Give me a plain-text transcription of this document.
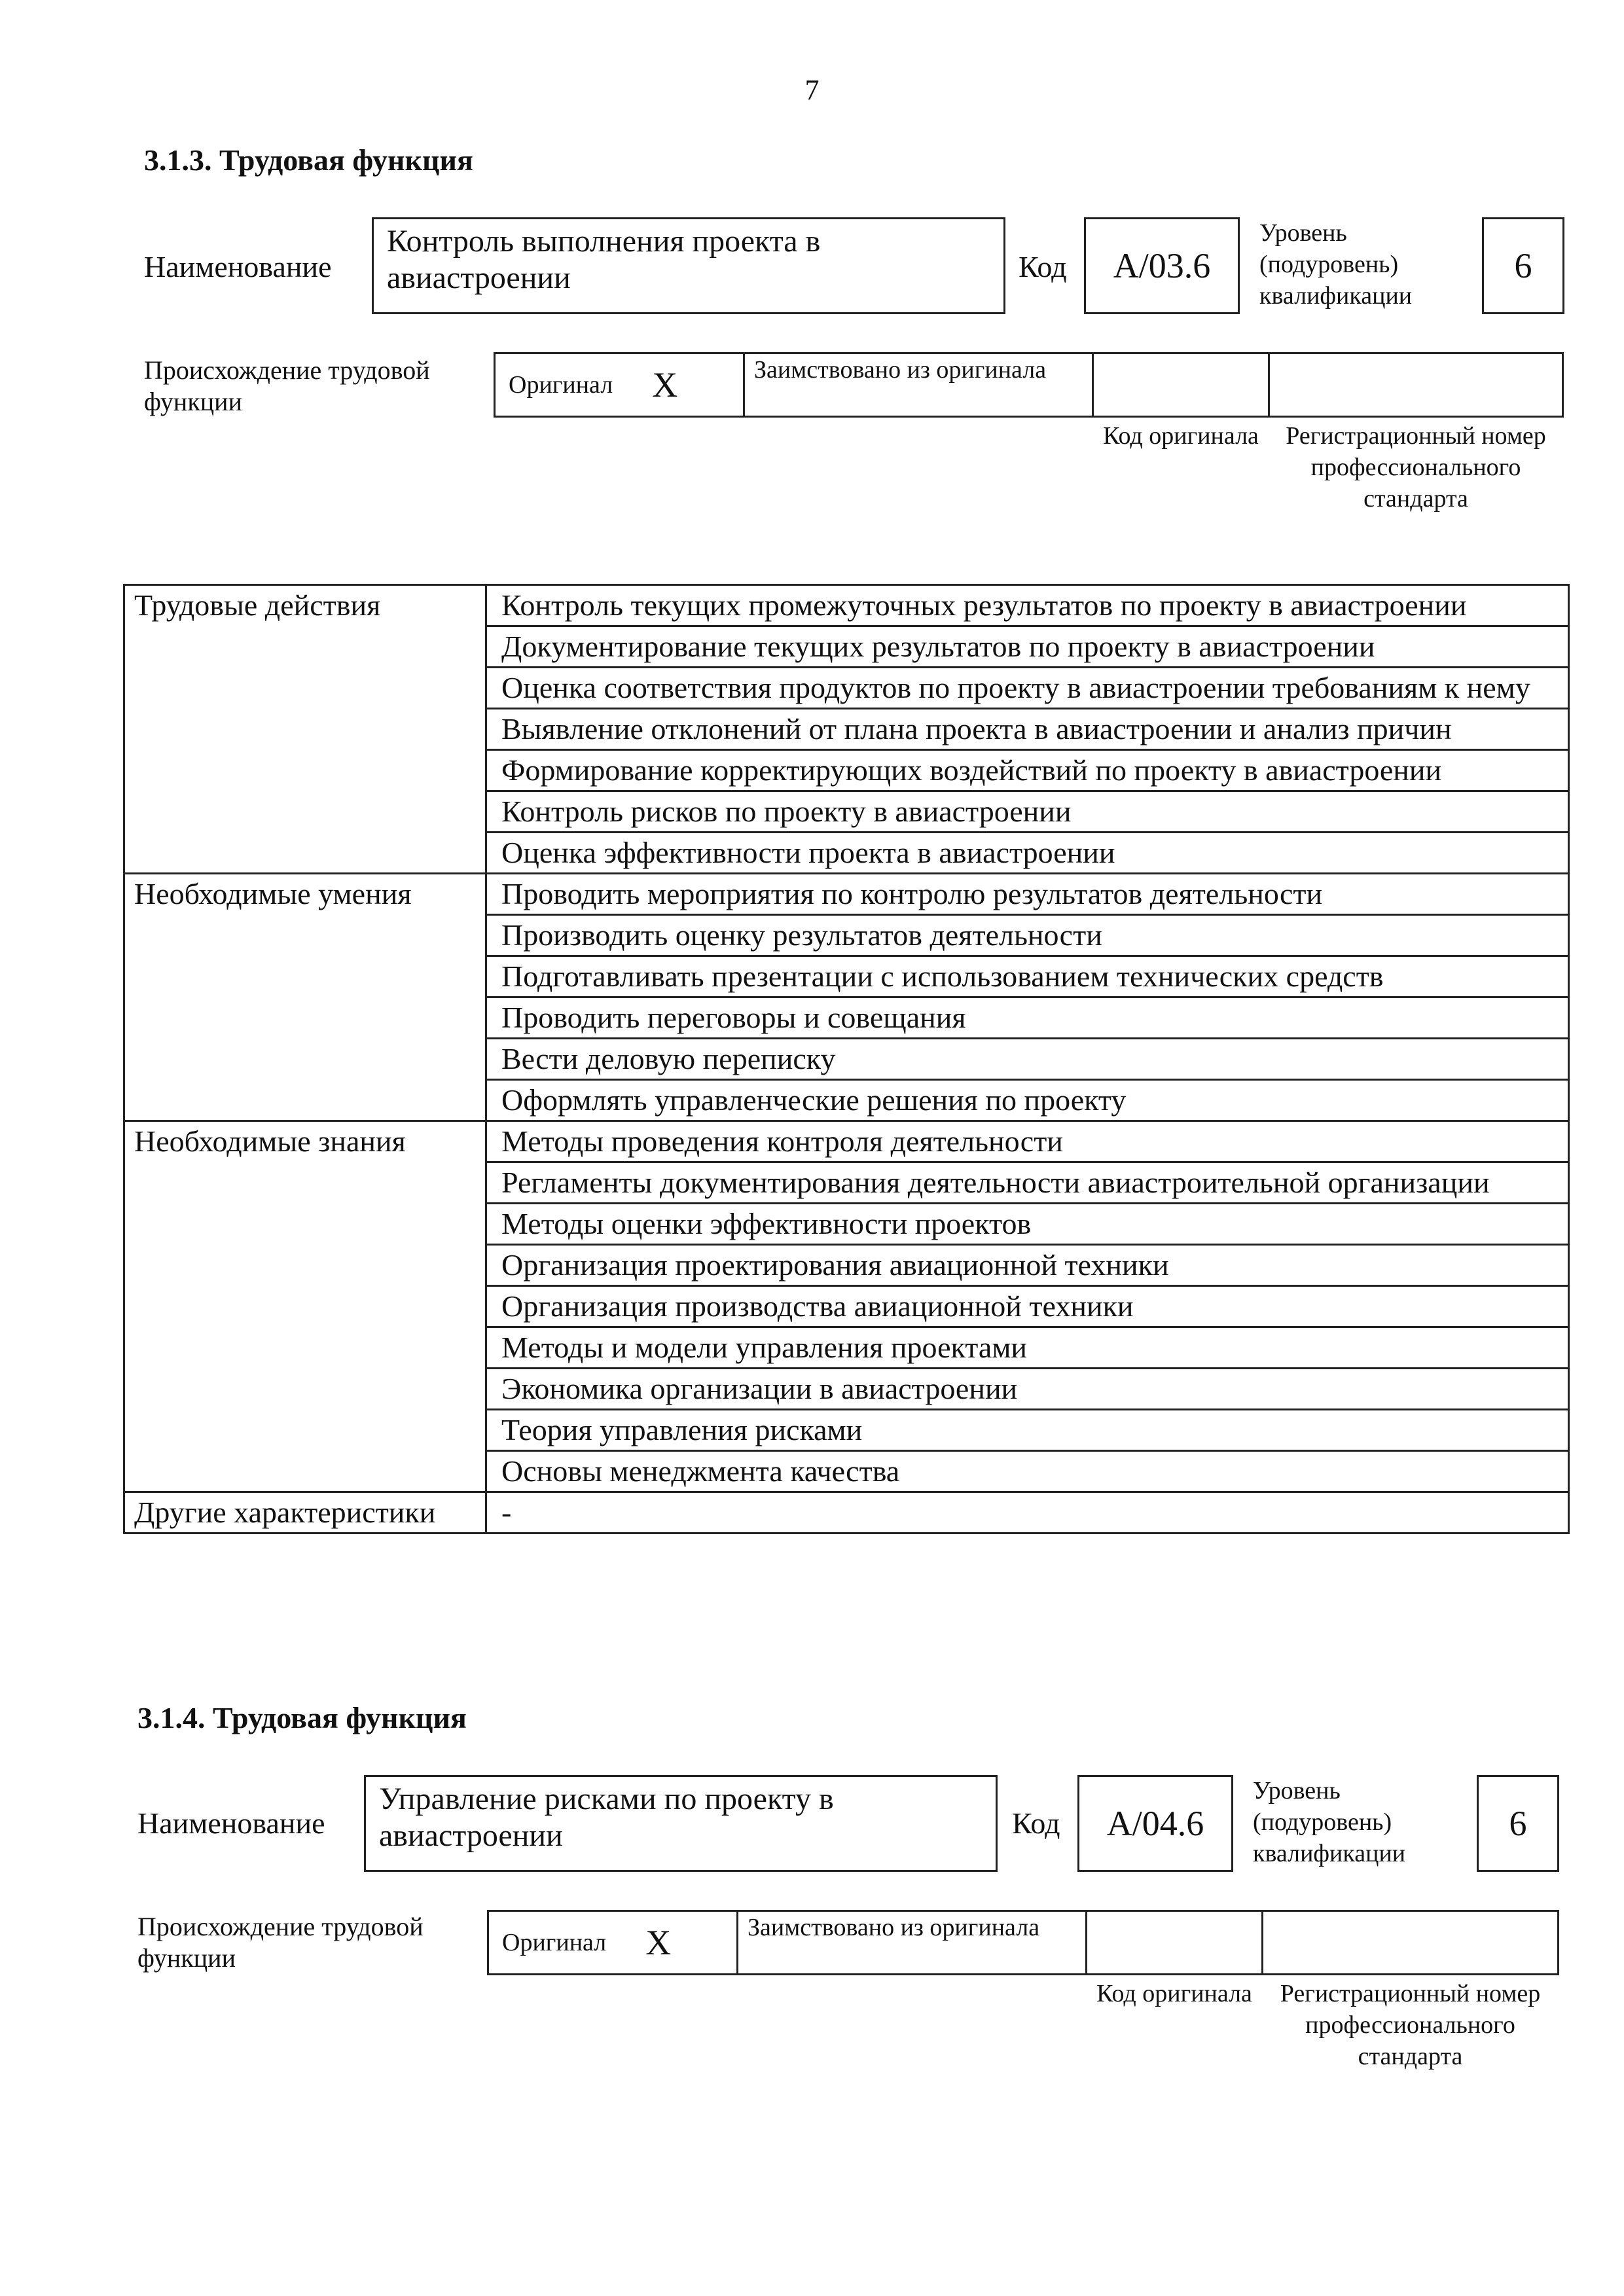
7
3.1.3. Трудовая функция
Наименование
Контроль выполнения проекта в авиастроении	Код A/03.6
Уровень (подуровень) квалификации
6
Происхождение трудовой функции
Оригинал X	Заимствовано из оригинала
Код оригинала	Регистрационный номер профессионального стандарта
Трудовые действия	Контроль текущих промежуточных результатов по проекту в авиастроении
	Документирование текущих результатов по проекту в авиастроении
	Оценка соответствия продуктов по проекту в авиастроении требованиям к нему
	Выявление отклонений от плана проекта в авиастроении и анализ причин
	Формирование корректирующих воздействий по проекту в авиастроении
	Контроль рисков по проекту в авиастроении
	Оценка эффективности проекта в авиастроении
Необходимые умения	Проводить мероприятия по контролю результатов деятельности
	Производить оценку результатов деятельности
	Подготавливать презентации с использованием технических средств
	Проводить переговоры и совещания
	Вести деловую переписку
	Оформлять управленческие решения по проекту
Необходимые знания	Методы проведения контроля деятельности
	Регламенты документирования деятельности авиастроительной организации
	Методы оценки эффективности проектов
	Организация проектирования авиационной техники
	Организация производства авиационной техники
	Методы и модели управления проектами
	Экономика организации в авиастроении
	Теория управления рисками
	Основы менеджмента качества
Другие характеристики	-
3.1.4. Трудовая функция
Наименование
Управление рисками по проекту в авиастроении	Код A/04.6
Уровень (подуровень) квалификации
6
Происхождение трудовой функции
Оригинал X	Заимствовано из оригинала
Код оригинала	Регистрационный номер профессионального стандарта
